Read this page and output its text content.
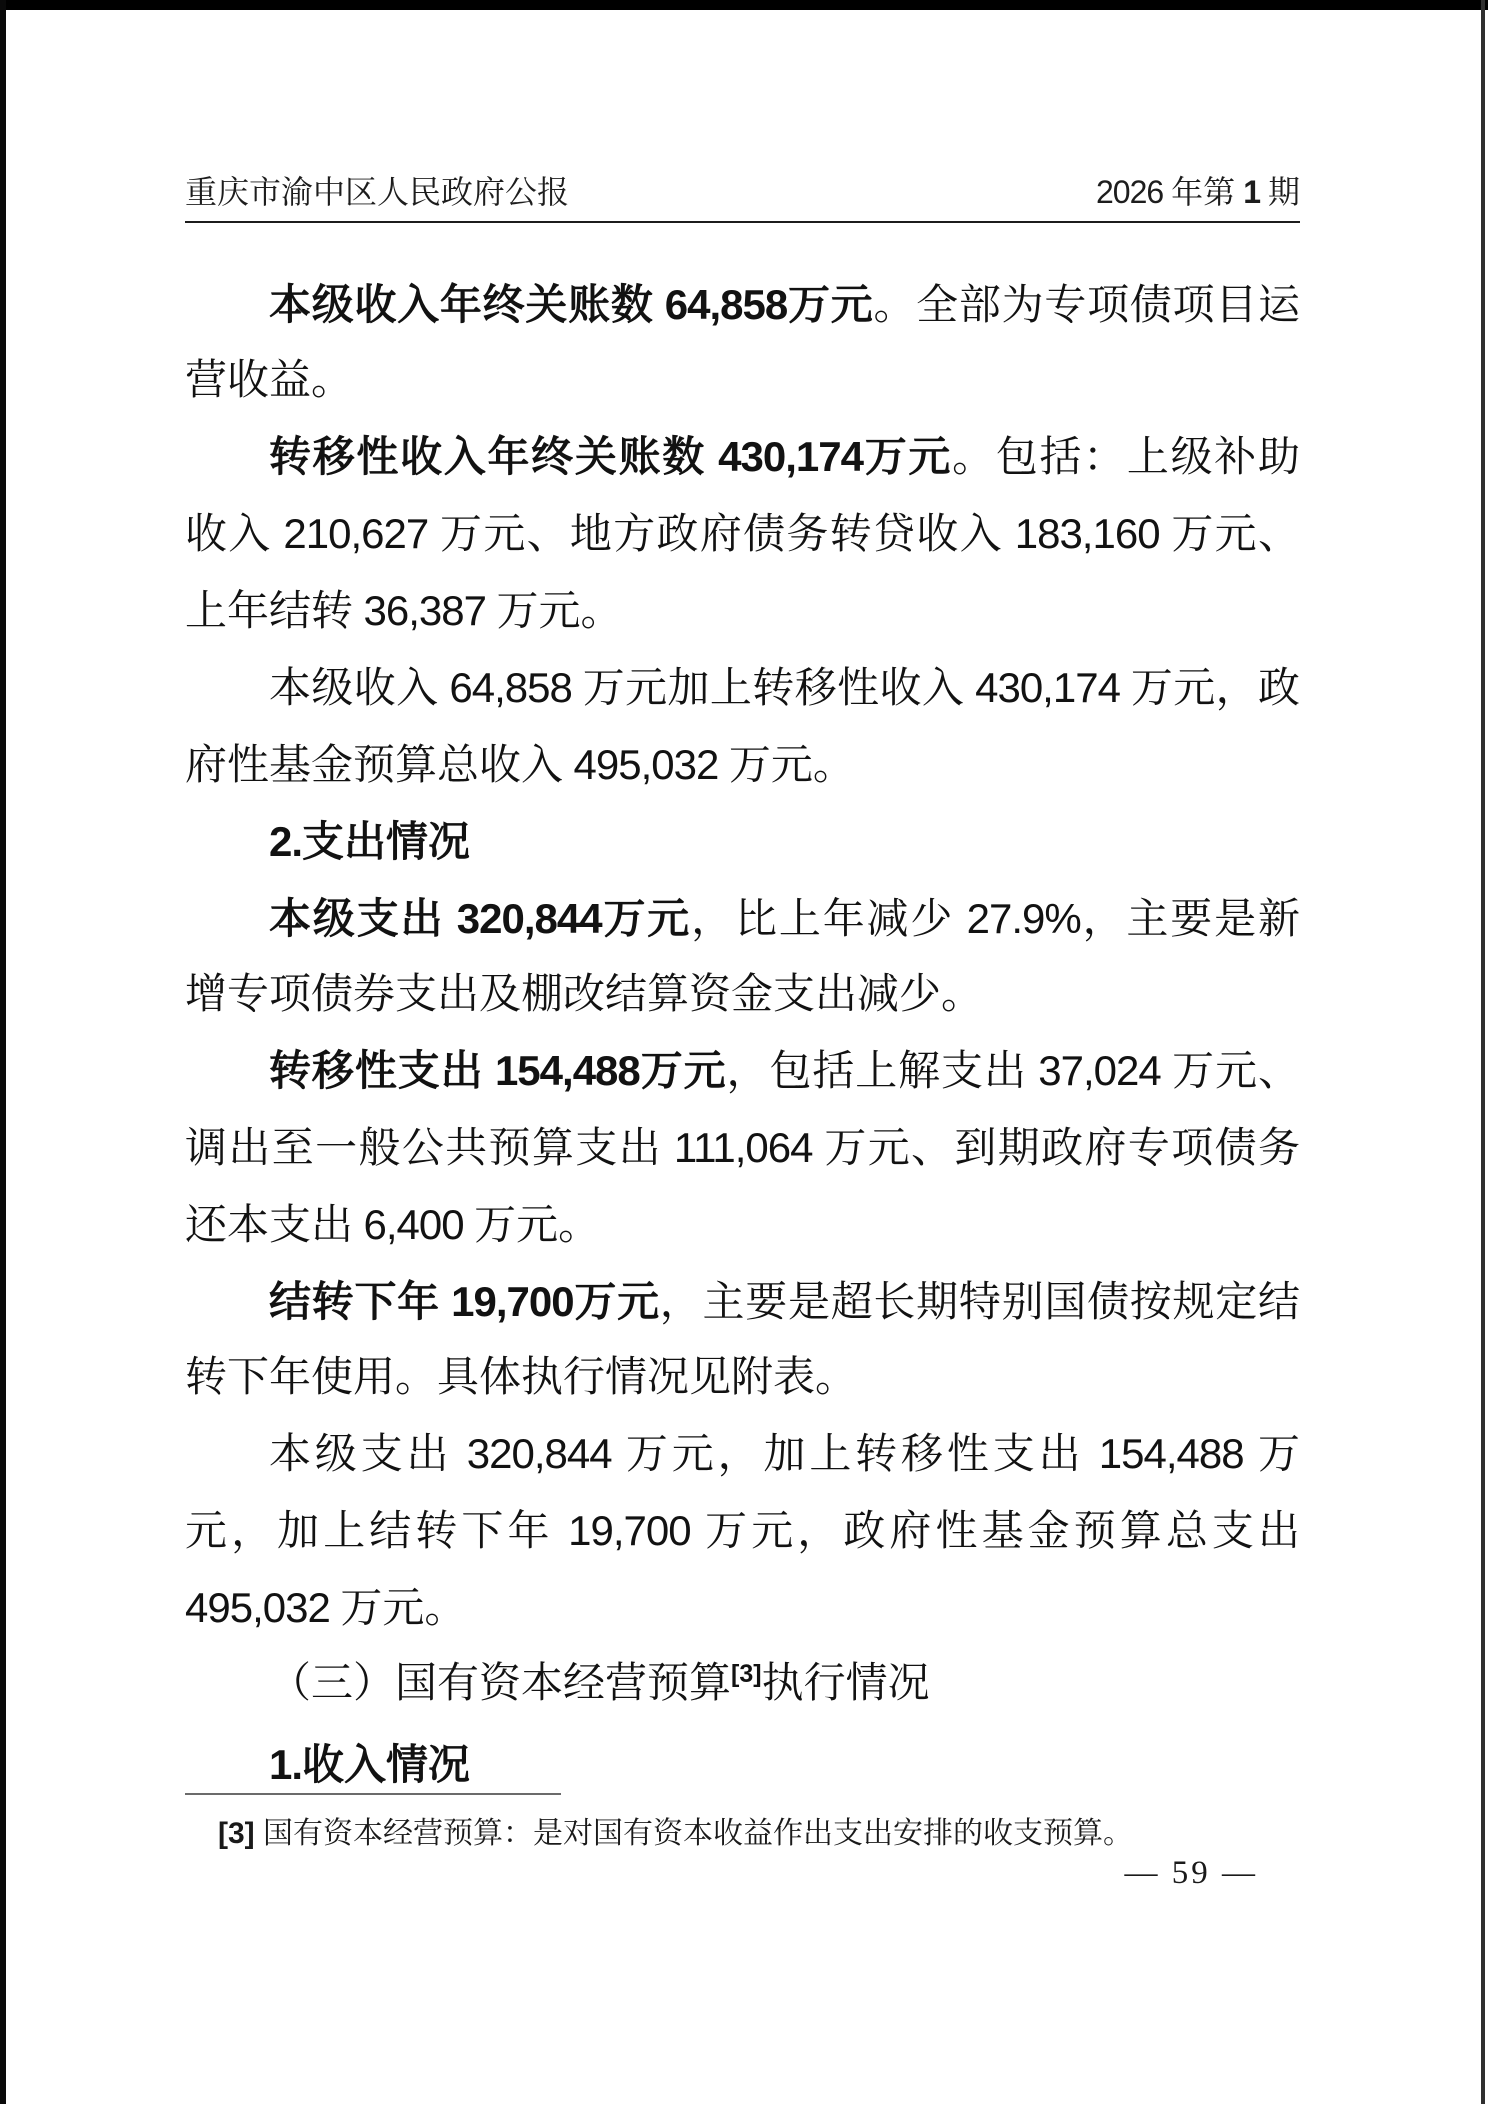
重庆市渝中区人民政府公报	2026 年第 1 期

本级收入年终关账数 64,858万元。全部为专项债项目运营收益。

转移性收入年终关账数 430,174万元。包括：上级补助收入 210,627 万元、地方政府债务转贷收入 183,160 万元、上年结转 36,387 万元。

本级收入 64,858 万元加上转移性收入 430,174 万元，政府性基金预算总收入 495,032 万元。

2.支出情况

本级支出 320,844万元，比上年减少 27.9%，主要是新增专项债券支出及棚改结算资金支出减少。

转移性支出 154,488万元，包括上解支出 37,024 万元、调出至一般公共预算支出 111,064 万元、到期政府专项债务还本支出 6,400 万元。

结转下年 19,700万元，主要是超长期特别国债按规定结转下年使用。具体执行情况见附表。

本级支出 320,844 万元，加上转移性支出 154,488 万元，加上结转下年 19,700 万元，政府性基金预算总支出 495,032 万元。

（三）国有资本经营预算[3]执行情况

1.收入情况

[3] 国有资本经营预算：是对国有资本收益作出支出安排的收支预算。
— 59 —
